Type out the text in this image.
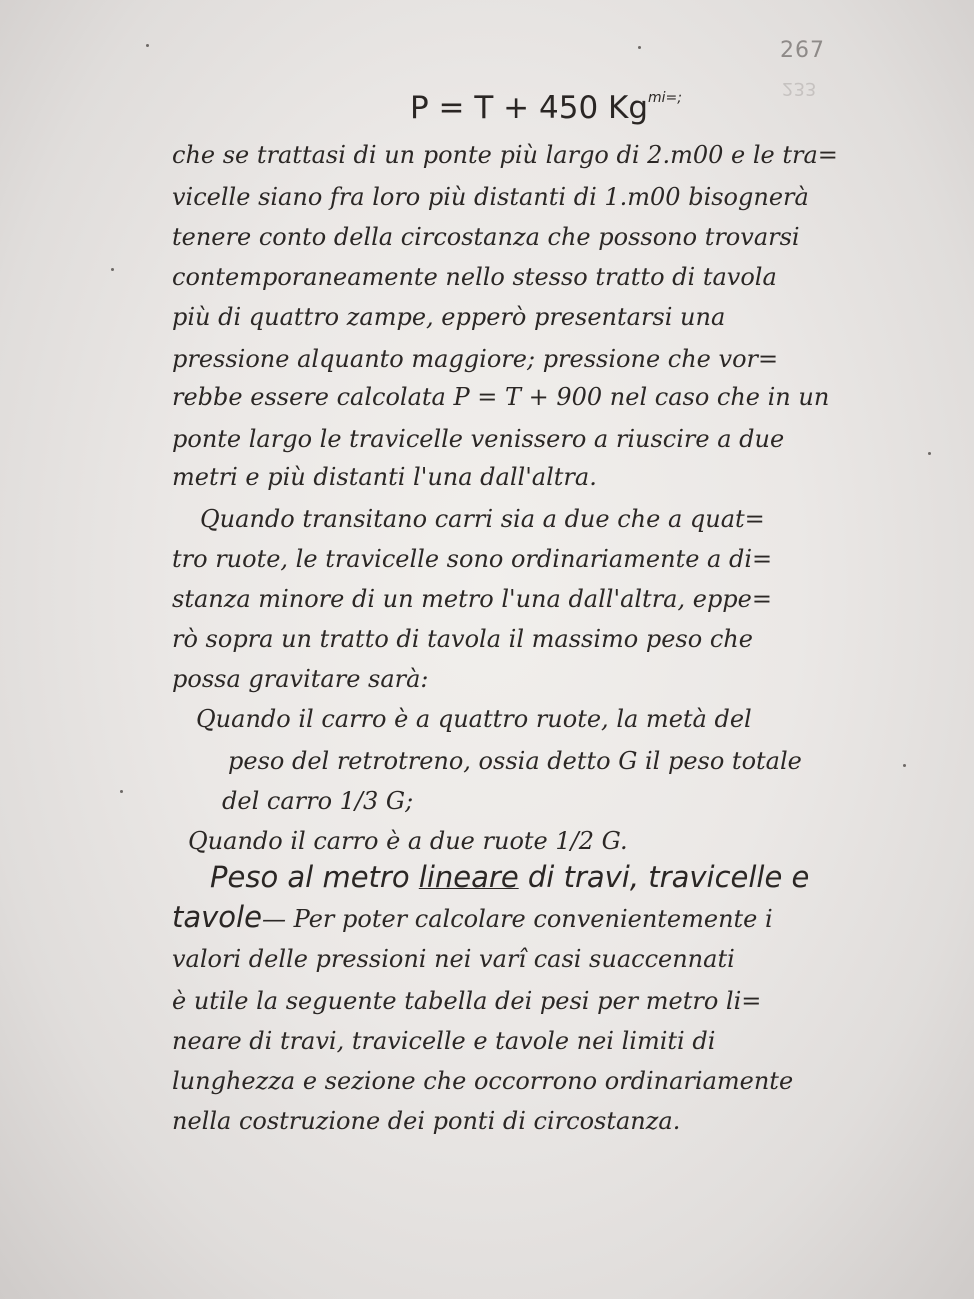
267
233
P = T + 450 $Kg^{mi=;}$
che se trattasi di un ponte più largo di 2.m00 e le tra=
vicelle siano fra loro più distanti di 1.m00 bisognerà
tenere conto della circostanza che possono trovarsi
contemporaneamente nello stesso tratto di tavola
più di quattro zampe, epperò presentarsi una
pressione alquanto maggiore; pressione che vor=
rebbe essere calcolata P = T + 900 nel caso che in un
ponte largo le travicelle venissero a riuscire a due
metri e più distanti l'una dall'altra.
Quando transitano carri sia a due che a quat=
tro ruote, le travicelle sono ordinariamente a di=
stanza minore di un metro l'una dall'altra, eppe=
rò sopra un tratto di tavola il massimo peso che
possa gravitare sarà:
Quando il carro è a quattro ruote, la metà del
peso del retrotreno, ossia detto G il peso totale
del carro 1/3 G;
Quando il carro è a due ruote 1/2 G.
Peso al metro lineare di travi, travicelle e
tavole — Per poter calcolare convenientemente i
valori delle pressioni nei varî casi suaccennati
è utile la seguente tabella dei pesi per metro li=
neare di travi, travicelle e tavole nei limiti di
lunghezza e sezione che occorrono ordinariamente
nella costruzione dei ponti di circostanza.
